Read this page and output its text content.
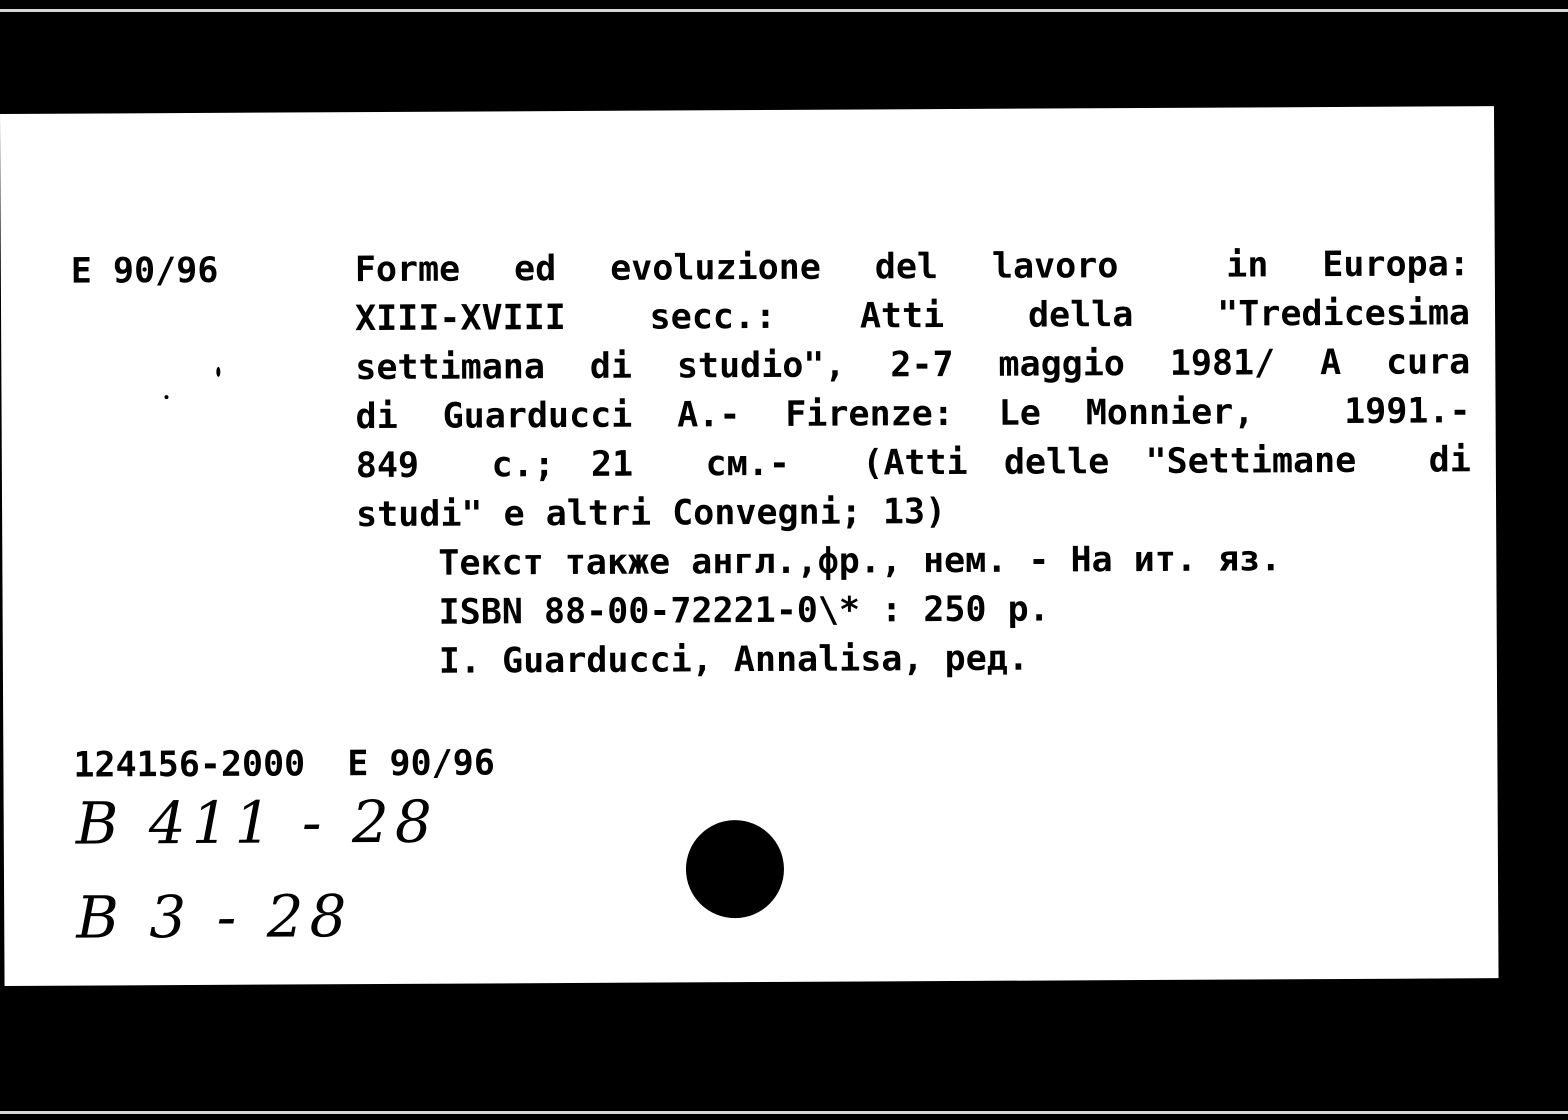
E 90/96	Forme ed evoluzione del lavoro  in Europa:
XIII-XVIII  secc.:  Atti  della  "Tredicesima
settimana di studio", 2-7 maggio 1981/ A cura
di Guarducci A.- Firenze: Le Monnier,  1991.-
849  c.; 21  см.-  (Atti delle "Settimane  di
studi" e altri Convegni; 13)
Текст также англ.,фр., нем. - На ит. яз.
ISBN 88-00-72221-0\* : 250 p.
I. Guarducci, Annalisa, ред.
124156-2000  E 90/96
B 411 - 28
B 3 - 28
